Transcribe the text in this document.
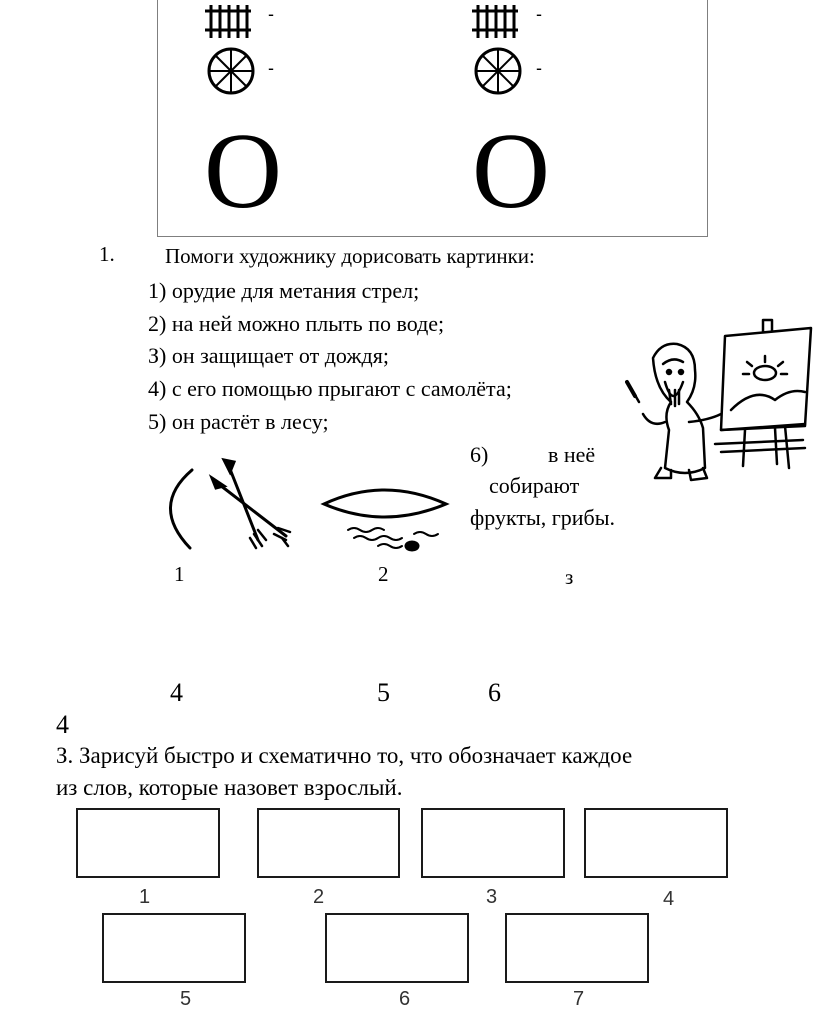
-
-
О
-
-
О
1. Помоги художнику дорисовать картинки:
1) орудие для метания стрел;
2) на ней можно плыть по воде;
З) он защищает от дождя;
4) с его помощью прыгают с самолёта;
5) он растёт в лесу;
6)	в неё
собирают
фрукты, грибы.
1	2	з
4	5	6
4
З. Зарисуй быстро и схематично то, что обозначает каждое
из слов, которые назовет взрослый.
1	2	3	4
5	6	7
